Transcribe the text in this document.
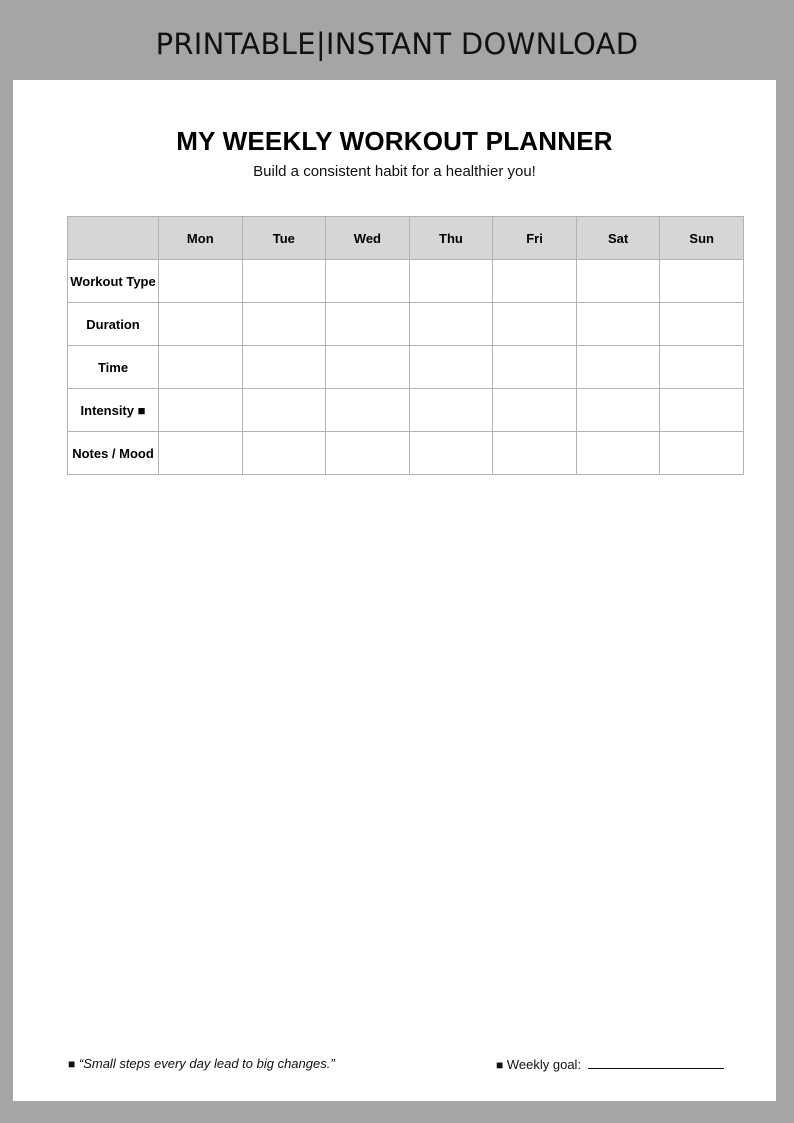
PRINTABLE|INSTANT DOWNLOAD
MY WEEKLY WORKOUT PLANNER
Build a consistent habit for a healthier you!
	Mon	Tue	Wed	Thu	Fri	Sat	Sun
Workout Type							
Duration							
Time							
Intensity ■							
Notes / Mood							
■ “Small steps every day lead to big changes.”	■ Weekly goal:
